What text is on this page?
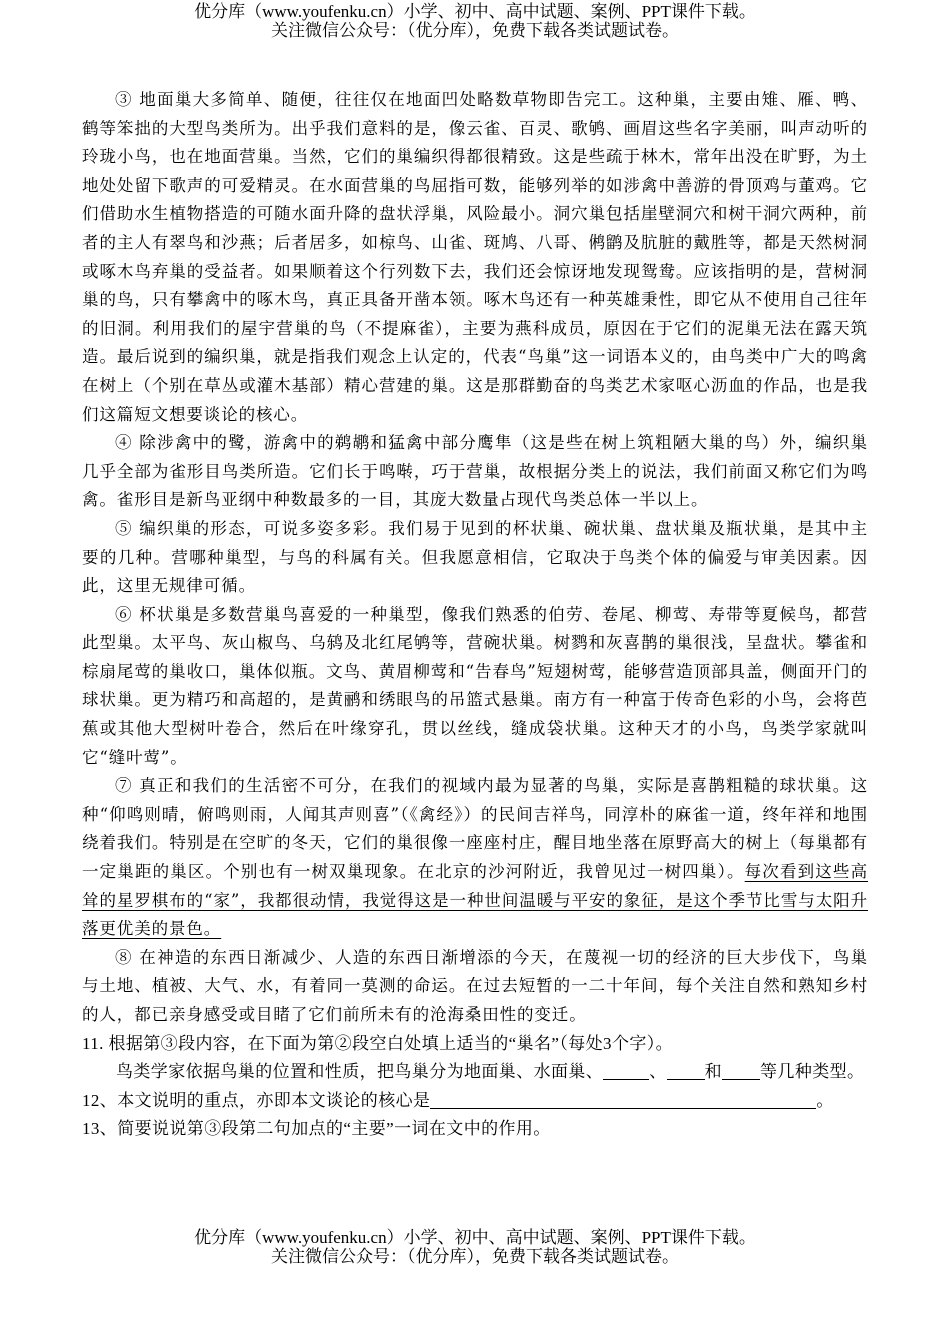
优分库（www.youfenku.cn）小学、初中、高中试题、案例、PPT课件下载。
关注微信公众号：（优分库），免费下载各类试题试卷。

③ 地面巢大多简单、随便，往往仅在地面凹处略数草物即告完工。这种巢，主要由雉、雁、鸭、鹤等笨拙的大型鸟类所为。出乎我们意料的是，像云雀、百灵、歌鸲、画眉这些名字美丽，叫声动听的玲珑小鸟，也在地面营巢。当然，它们的巢编织得都很精致。这是些疏于林木，常年出没在旷野，为土地处处留下歌声的可爱精灵。在水面营巢的鸟屈指可数，能够列举的如涉禽中善游的骨顶鸡与董鸡。它们借助水生植物搭造的可随水面升降的盘状浮巢，风险最小。洞穴巢包括崖壁洞穴和树干洞穴两种，前者的主人有翠鸟和沙燕；后者居多，如椋鸟、山雀、斑鸠、八哥、鸺鹠及肮脏的戴胜等，都是天然树洞或啄木鸟弃巢的受益者。如果顺着这个行列数下去，我们还会惊讶地发现鸳鸯。应该指明的是，营树洞巢的鸟，只有攀禽中的啄木鸟，真正具备开凿本领。啄木鸟还有一种英雄秉性，即它从不使用自己往年的旧洞。利用我们的屋宇营巢的鸟（不提麻雀），主要为燕科成员，原因在于它们的泥巢无法在露天筑造。最后说到的编织巢，就是指我们观念上认定的，代表“鸟巢”这一词语本义的，由鸟类中广大的鸣禽在树上（个别在草丛或灌木基部）精心营建的巢。这是那群勤奋的鸟类艺术家呕心沥血的作品，也是我们这篇短文想要谈论的核心。

④ 除涉禽中的鹭，游禽中的鹈鹕和猛禽中部分鹰隼（这是些在树上筑粗陋大巢的鸟）外，编织巢几乎全部为雀形目鸟类所造。它们长于鸣啭，巧于营巢，故根据分类上的说法，我们前面又称它们为鸣禽。雀形目是新鸟亚纲中种数最多的一目，其庞大数量占现代鸟类总体一半以上。

⑤ 编织巢的形态，可说多姿多彩。我们易于见到的杯状巢、碗状巢、盘状巢及瓶状巢，是其中主要的几种。营哪种巢型，与鸟的科属有关。但我愿意相信，它取决于鸟类个体的偏爱与审美因素。因此，这里无规律可循。

⑥ 杯状巢是多数营巢鸟喜爱的一种巢型，像我们熟悉的伯劳、卷尾、柳莺、寿带等夏候鸟，都营此型巢。太平鸟、灰山椒鸟、乌鸫及北红尾鸲等，营碗状巢。树鹨和灰喜鹊的巢很浅，呈盘状。攀雀和棕扇尾莺的巢收口，巢体似瓶。文鸟、黄眉柳莺和“告春鸟”短翅树莺，能够营造顶部具盖，侧面开门的球状巢。更为精巧和高超的，是黄鹂和绣眼鸟的吊篮式悬巢。南方有一种富于传奇色彩的小鸟，会将芭蕉或其他大型树叶卷合，然后在叶缘穿孔，贯以丝线，缝成袋状巢。这种天才的小鸟，鸟类学家就叫它“缝叶莺”。

⑦ 真正和我们的生活密不可分，在我们的视域内最为显著的鸟巢，实际是喜鹊粗糙的球状巢。这种“仰鸣则晴，俯鸣则雨，人闻其声则喜”（《禽经》）的民间吉祥鸟，同淳朴的麻雀一道，终年祥和地围绕着我们。特别是在空旷的冬天，它们的巢很像一座座村庄，醒目地坐落在原野高大的树上（每巢都有一定巢距的巢区。个别也有一树双巢现象。在北京的沙河附近，我曾见过一树四巢）。每次看到这些高耸的星罗棋布的“家”，我都很动情，我觉得这是一种世间温暖与平安的象征，是这个季节比雪与太阳升落更优美的景色。

⑧ 在神造的东西日渐减少、人造的东西日渐增添的今天，在蔑视一切的经济的巨大步伐下，鸟巢与土地、植被、大气、水，有着同一莫测的命运。在过去短暂的一二十年间，每个关注自然和熟知乡村的人，都已亲身感受或目睹了它们前所未有的沧海桑田性的变迁。

11. 根据第③段内容，在下面为第②段空白处填上适当的“巢名”（每处3个字）。

鸟类学家依据鸟巢的位置和性质，把鸟巢分为地面巢、水面巢、	、 和 等几种类型。

12、本文说明的重点，亦即本文谈论的核心是	。

13、简要说说第③段第二句加点的“主要”一词在文中的作用。

优分库（www.youfenku.cn）小学、初中、高中试题、案例、PPT课件下载。
关注微信公众号：（优分库），免费下载各类试题试卷。
